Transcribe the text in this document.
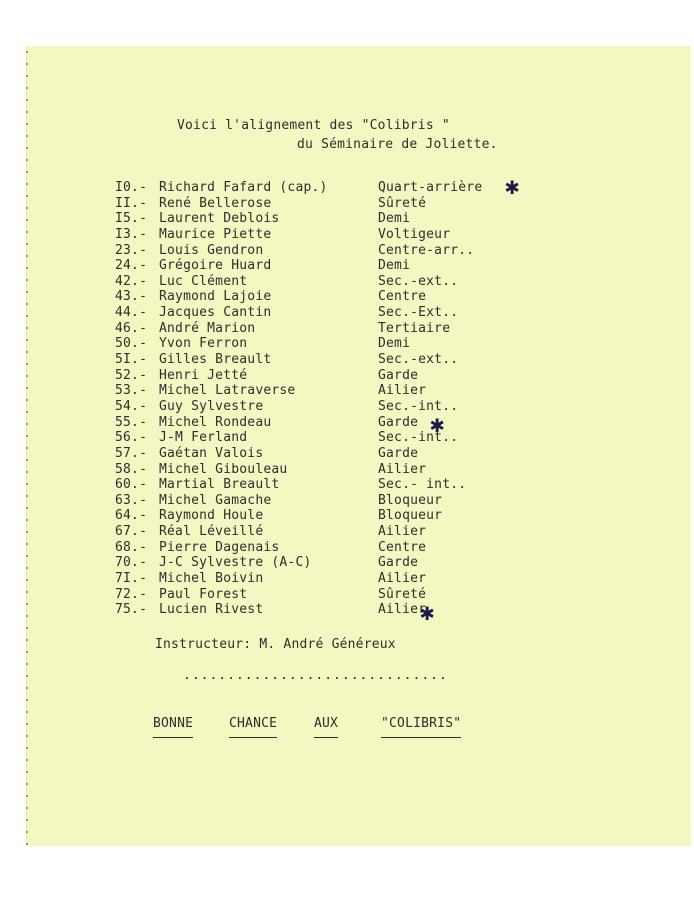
Voici l'alignement des "Colibris "
du Séminaire de Joliette.
I0.- Richard Fafard (cap.)	Quart-arrière ✱
II.- René Bellerose	Sûreté
I5.- Laurent Deblois	Demi
I3.- Maurice Piette	Voltigeur
23.- Louis Gendron	Centre-arr..
24.- Grégoire Huard	Demi
42.- Luc Clément	Sec.-ext..
43.- Raymond Lajoie	Centre
44.- Jacques Cantin	Sec.-Ext..
46.- André Marion	Tertiaire
50.- Yvon Ferron	Demi
5I.- Gilles Breault	Sec.-ext..
52.- Henri Jetté	Garde
53.- Michel Latraverse	Ailier
54.- Guy Sylvestre	Sec.-int..
55.- Michel Rondeau	Garde ✱
56.- J-M Ferland	Sec.-int..
57.- Gaétan Valois	Garde
58.- Michel Gibouleau	Ailier
60.- Martial Breault	Sec.- int..
63.- Michel Gamache	Bloqueur
64.- Raymond Houle	Bloqueur
67.- Réal Léveillé	Ailier
68.- Pierre Dagenais	Centre
70.- J-C Sylvestre (A-C)	Garde
7I.- Michel Boivin	Ailier
72.- Paul Forest	Sûreté
75.- Lucien Rivest	Ailier
✱
Instructeur: M. André Généreux
..............................
BONNE	CHANCE	AUX	"COLIBRIS"
